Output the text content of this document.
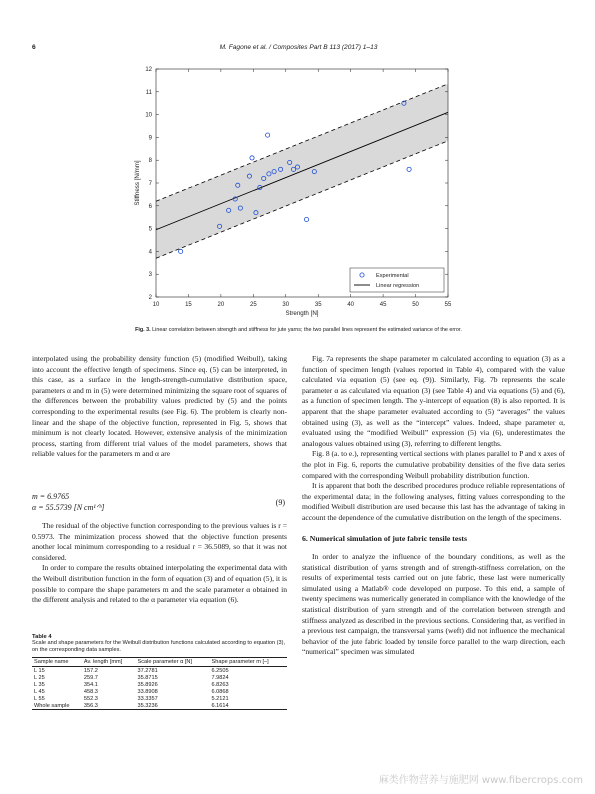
6	M. Fagone et al. / Composites Part B 113 (2017) 1–13
10	15	20	25	30	35	40	45	50	55
2
3
4
5
6
7
8
9
10
11
12
Strength [N]
Stiffness [N/mm]
Experimental
Linear regression
Fig. 3. Linear correlation between strength and stiffness for jute yarns; the two parallel lines represent the estimated variance of the error.

interpolated using the probability density function (5) (modified Weibull), taking into account the effective length of specimens. Since eq. (5) can be interpreted, in this case, as a surface in the length-strength-cumulative distribution space, parameters α and m in (5) were determined minimizing the square root of squares of the differences between the probability values predicted by (5) and the points corresponding to the experimental results (see Fig. 6). The problem is clearly non-linear and the shape of the objective function, represented in Fig. 5, shows that minimum is not clearly located. However, extensive analysis of the minimization process, starting from different trial values of the model parameters, shows that reliable values for the parameters m and α are

m = 6.9765
α = 55.5739 [N cm¹ᐟᵇ]	(9)

The residual of the objective function corresponding to the previous values is r = 0.5973. The minimization process showed that the objective function presents another local minimum corresponding to a residual r = 36.5089, so that it was not considered.

In order to compare the results obtained interpolating the experimental data with the Weibull distribution function in the form of equation (3) and of equation (5), it is possible to compare the shape parameters m and the scale parameter α obtained in the different analysis and related to the α parameter via equation (6).

Table 4
Scale and shape parameters for the Weibull distribution functions calculated according to equation (3), on the corresponding data samples.
Sample name	Av. length [mm]	Scale parameter α [N]	Shape parameter m [–]
L 15	157.2	37.2781	6.2505
L 25	259.7	35.8715	7.9824
L 35	354.1	35.8926	6.8263
L 45	458.3	33.8908	6.0868
L 55	552.3	33.3357	5.2121
Whole sample	356.3	35.3236	6.1614

Fig. 7a represents the shape parameter m calculated according to equation (3) as a function of specimen length (values reported in Table 4), compared with the value calculated via equation (5) (see eq. (9)). Similarly, Fig. 7b represents the scale parameter α as calculated via equation (3) (see Table 4) and via equations (5) and (6), as a function of specimen length. The y-intercept of equation (8) is also reported. It is apparent that the shape parameter evaluated according to (5) “averages” the values obtained using (3), as well as the “intercept” values. Indeed, shape parameter α, evaluated using the “modified Weibull” expression (5) via (6), underestimates the analogous values obtained using (3), referring to different lengths.

Fig. 8 (a. to e.), representing vertical sections with planes parallel to P and x axes of the plot in Fig. 6, reports the cumulative probability densities of the five data series compared with the corresponding Weibull probability distribution function.

It is apparent that both the described procedures produce reliable representations of the experimental data; in the following analyses, fitting values corresponding to the modified Weibull distribution are used because this last has the advantage of taking in account the dependence of the cumulative distribution on the length of the specimens.

6. Numerical simulation of jute fabric tensile tests

In order to analyze the influence of the boundary conditions, as well as the statistical distribution of yarns strength and of strength-stiffness correlation, on the results of experimental tests carried out on jute fabric, these last were numerically simulated using a Matlab® code developed on purpose. To this end, a sample of twenty specimens was numerically generated in compliance with the knowledge of the statistical distribution of yarn strength and of the correlation between strength and stiffness analyzed as described in the previous sections. Considering that, as verified in a previous test campaign, the transversal yarns (weft) did not influence the mechanical behavior of the jute fabric loaded by tensile force parallel to the warp direction, each “numerical” specimen was simulated

麻类作物营养与施肥网 www.fibercrops.com
